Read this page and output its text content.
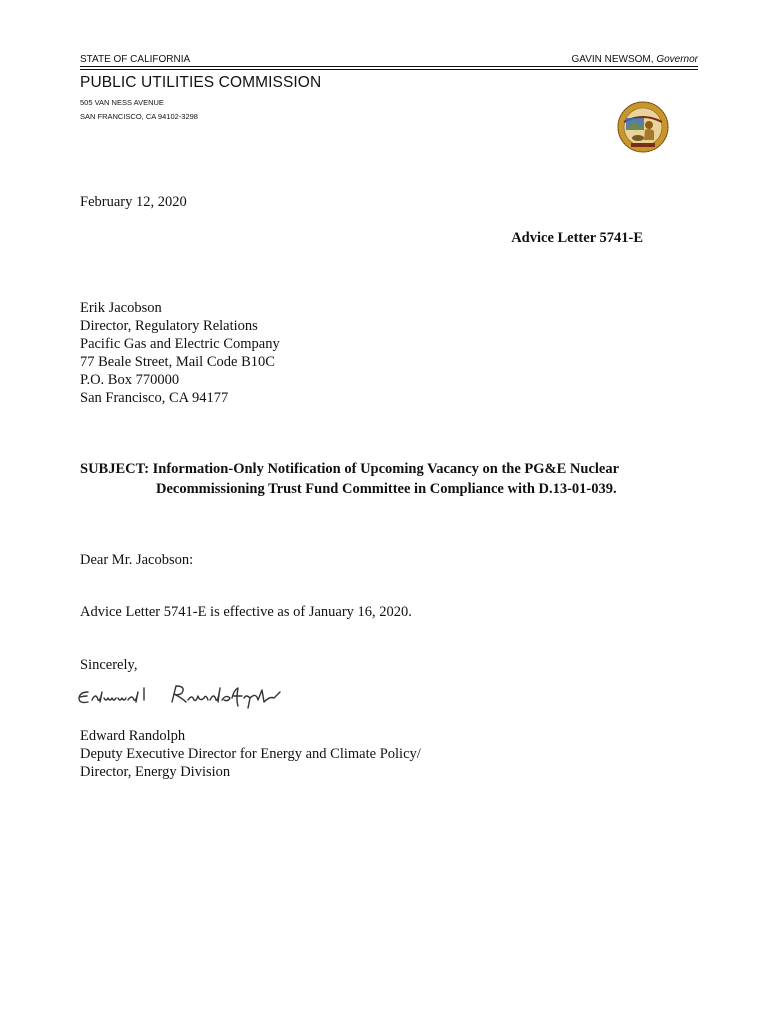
STATE OF CALIFORNIA	GAVIN NEWSOM, Governor
PUBLIC UTILITIES COMMISSION
505 VAN NESS AVENUE
SAN FRANCISCO, CA 94102-3298
February 12, 2020
Advice Letter 5741-E
Erik Jacobson
Director, Regulatory Relations
Pacific Gas and Electric Company
77 Beale Street, Mail Code B10C
P.O. Box 770000
San Francisco, CA 94177
SUBJECT: Information-Only Notification of Upcoming Vacancy on the PG&E Nuclear
Decommissioning Trust Fund Committee in Compliance with D.13-01-039.
Dear Mr. Jacobson:
Advice Letter 5741-E is effective as of January 16, 2020.
Sincerely,
Edward Randolph
Deputy Executive Director for Energy and Climate Policy/
Director, Energy Division
